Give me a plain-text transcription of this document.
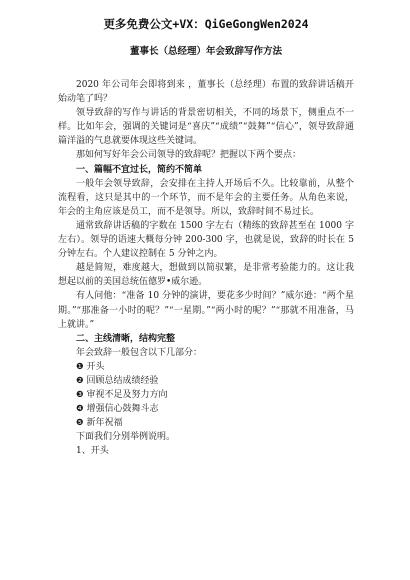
更多免费公文+VX：QiGeGongWen2024
董事长（总经理）年会致辞写作方法

2020 年公司年会即将到来 ，董事长（总经理）布置的致辞讲话稿开始动笔了吗？

领导致辞的写作与讲话的背景密切相关，不同的场景下，侧重点不一样。比如年会，强调的关键词是“喜庆”“成绩”“鼓舞”“信心”，领导致辞通篇洋溢的气息就要体现这些关键词。

那如何写好年会公司领导的致辞呢？把握以下两个要点：

一、篇幅不宜过长，简约不简单

一般年会领导致辞，会安排在主持人开场后不久。比较靠前，从整个流程看，这只是其中的一个环节，而不是年会的主要任务。从角色来说，年会的主角应该是员工，而不是领导。所以，致辞时间不易过长。

通常致辞讲话稿的字数在 1500 字左右（精练的致辞甚至在 1000 字左右）。领导的语速大概每分钟 200-300 字，也就是说，致辞的时长在 5 分钟左右。个人建议控制在 5 分钟之内。

越是简短，难度越大，想做到以简驭繁，是非常考验能力的。这让我想起以前的美国总统伍德罗•威尔逊。

有人问他：“准备 10 分钟的演讲，要花多少时间？”威尔逊：“两个星期。”“那准备一小时的呢？”“一星期。”“两小时的呢？”“那就不用准备，马上就讲。”

二、主线清晰，结构完整

年会致辞一般包含以下几部分：

❶ 开头

❷ 回顾总结成绩经验

❸ 审视不足及努力方向

❹ 增强信心鼓舞斗志

❺ 新年祝福

下面我们分别举例说明。

1、开头
